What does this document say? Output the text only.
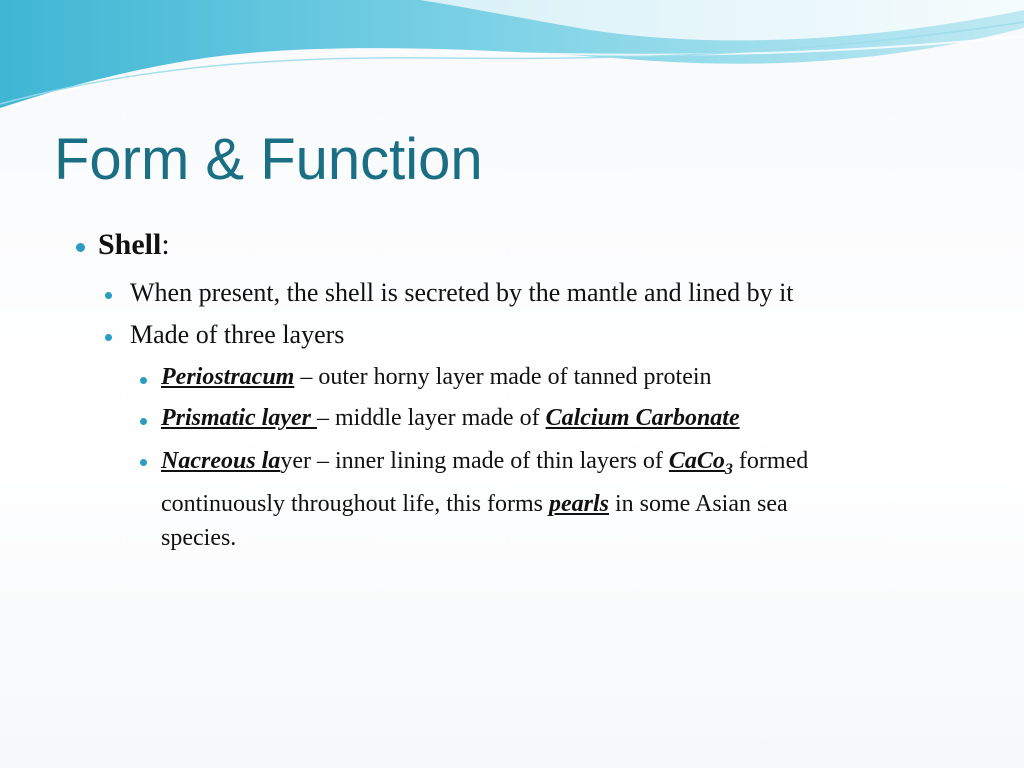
Form & Function
Shell:
When present, the shell is secreted by the mantle and lined by it
Made of three layers
Periostracum – outer horny layer made of tanned protein
Prismatic layer – middle layer made of Calcium Carbonate
Nacreous layer – inner lining made of thin layers of CaCo$_3$ formed
continuously throughout life, this forms pearls in some Asian sea
species.
